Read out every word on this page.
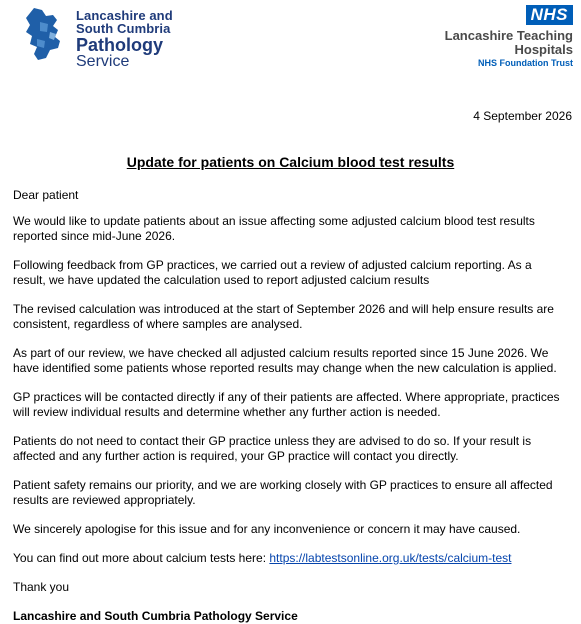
Lancashire and
South Cumbria
Pathology
Service
NHS
Lancashire Teaching
Hospitals
NHS Foundation Trust
4 September 2026
Update for patients on Calcium blood test results

Dear patient

We would like to update patients about an issue affecting some adjusted calcium blood test results reported since mid-June 2026.

Following feedback from GP practices, we carried out a review of adjusted calcium reporting. As a result, we have updated the calculation used to report adjusted calcium results

The revised calculation was introduced at the start of September 2026 and will help ensure results are consistent, regardless of where samples are analysed.

As part of our review, we have checked all adjusted calcium results reported since 15 June 2026. We have identified some patients whose reported results may change when the new calculation is applied.

GP practices will be contacted directly if any of their patients are affected. Where appropriate, practices will review individual results and determine whether any further action is needed.

Patients do not need to contact their GP practice unless they are advised to do so. If your result is affected and any further action is required, your GP practice will contact you directly.

Patient safety remains our priority, and we are working closely with GP practices to ensure all affected results are reviewed appropriately.

We sincerely apologise for this issue and for any inconvenience or concern it may have caused.

You can find out more about calcium tests here: https://labtestsonline.org.uk/tests/calcium-test

Thank you

Lancashire and South Cumbria Pathology Service
